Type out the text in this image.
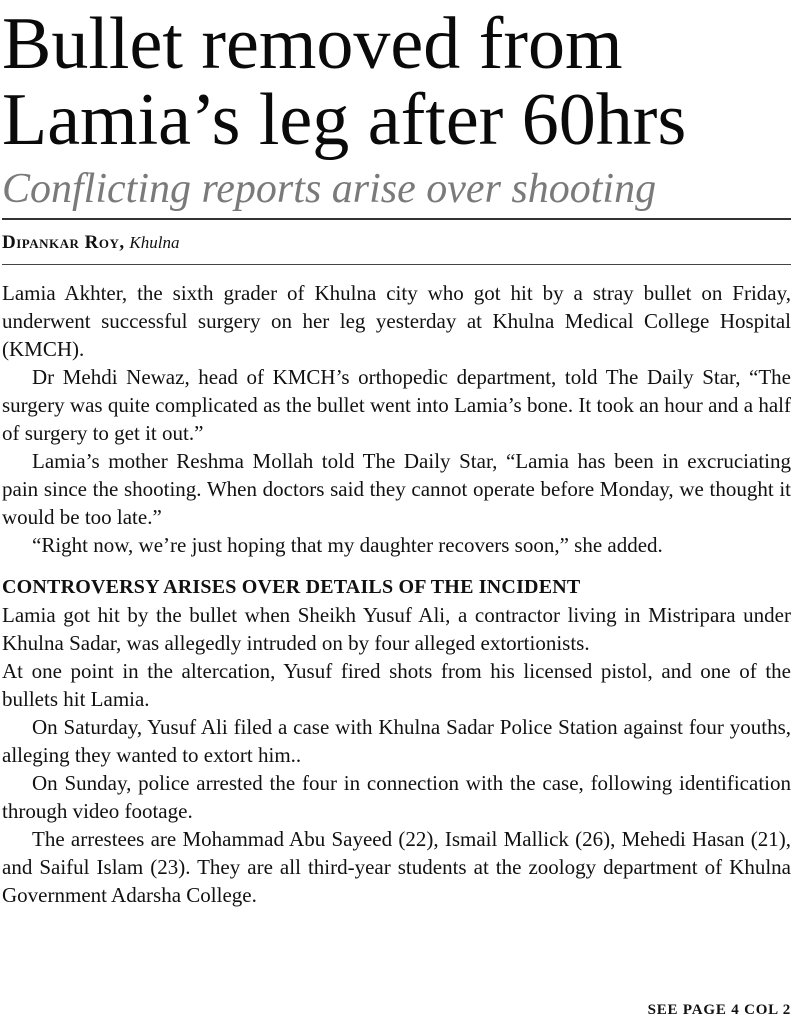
Bullet removed from
Lamia’s leg after 60hrs
Conflicting reports arise over shooting
Dipankar Roy, Khulna

Lamia Akhter, the sixth grader of Khulna city who got hit by a stray bullet on Friday, underwent successful surgery on her leg yesterday at Khulna Medical College Hospital (KMCH).

Dr Mehdi Newaz, head of KMCH’s orthopedic department, told The Daily Star, “The surgery was quite complicated as the bullet went into Lamia’s bone. It took an hour and a half of surgery to get it out.”

Lamia’s mother Reshma Mollah told The Daily Star, “Lamia has been in excruciating pain since the shooting. When doctors said they cannot operate before Monday, we thought it would be too late.”

“Right now, we’re just hoping that my daughter recovers soon,” she added.

CONTROVERSY ARISES OVER DETAILS OF THE INCIDENT

Lamia got hit by the bullet when Sheikh Yusuf Ali, a contractor living in Mistripara under Khulna Sadar, was allegedly intruded on by four alleged extortionists.

At one point in the altercation, Yusuf fired shots from his licensed pistol, and one of the bullets hit Lamia.

On Saturday, Yusuf Ali filed a case with Khulna Sadar Police Station against four youths, alleging they wanted to extort him..

On Sunday, police arrested the four in connection with the case, following identification through video footage.

The arrestees are Mohammad Abu Sayeed (22), Ismail Mallick (26), Mehedi Hasan (21), and Saiful Islam (23). They are all third-year students at the zoology department of Khulna Government Adarsha College.

SEE PAGE 4 COL 2
